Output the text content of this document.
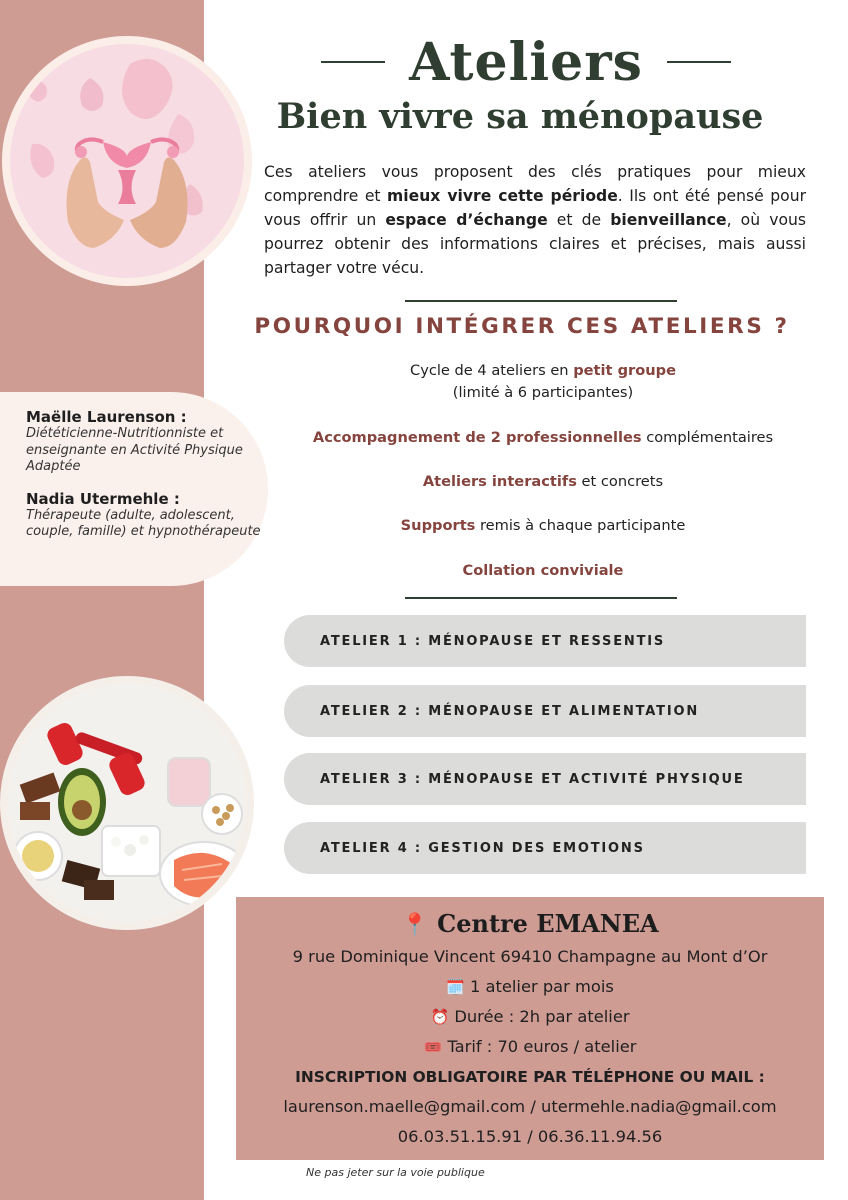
Maëlle Laurenson :
Diététicienne-Nutritionniste et enseignante en Activité Physique Adaptée
Nadia Utermehle :
Thérapeute (adulte, adolescent, couple, famille) et hypnothérapeute
Ateliers
Bien vivre sa ménopause

Ces ateliers vous proposent des clés pratiques pour mieux comprendre et mieux vivre cette période. Ils ont été pensé pour vous offrir un espace d’échange et de bienveillance, où vous pourrez obtenir des informations claires et précises, mais aussi partager votre vécu.

POURQUOI INTÉGRER CES ATELIERS ?
Cycle de 4 ateliers en petit groupe
(limité à 6 participantes)
Accompagnement de 2 professionnelles complémentaires
Ateliers interactifs et concrets
Supports remis à chaque participante
Collation conviviale
ATELIER 1 : MÉNOPAUSE ET RESSENTIS
ATELIER 2 : MÉNOPAUSE ET ALIMENTATION
ATELIER 3 : MÉNOPAUSE ET ACTIVITÉ PHYSIQUE
ATELIER 4 : GESTION DES EMOTIONS
📍 Centre EMANEA
9 rue Dominique Vincent 69410 Champagne au Mont d’Or
🗓️ 1 atelier par mois
⏰ Durée : 2h par atelier
🎟️ Tarif : 70 euros / atelier
INSCRIPTION OBLIGATOIRE PAR TÉLÉPHONE OU MAIL :
laurenson.maelle@gmail.com / utermehle.nadia@gmail.com
06.03.51.15.91 / 06.36.11.94.56
Ne pas jeter sur la voie publique
